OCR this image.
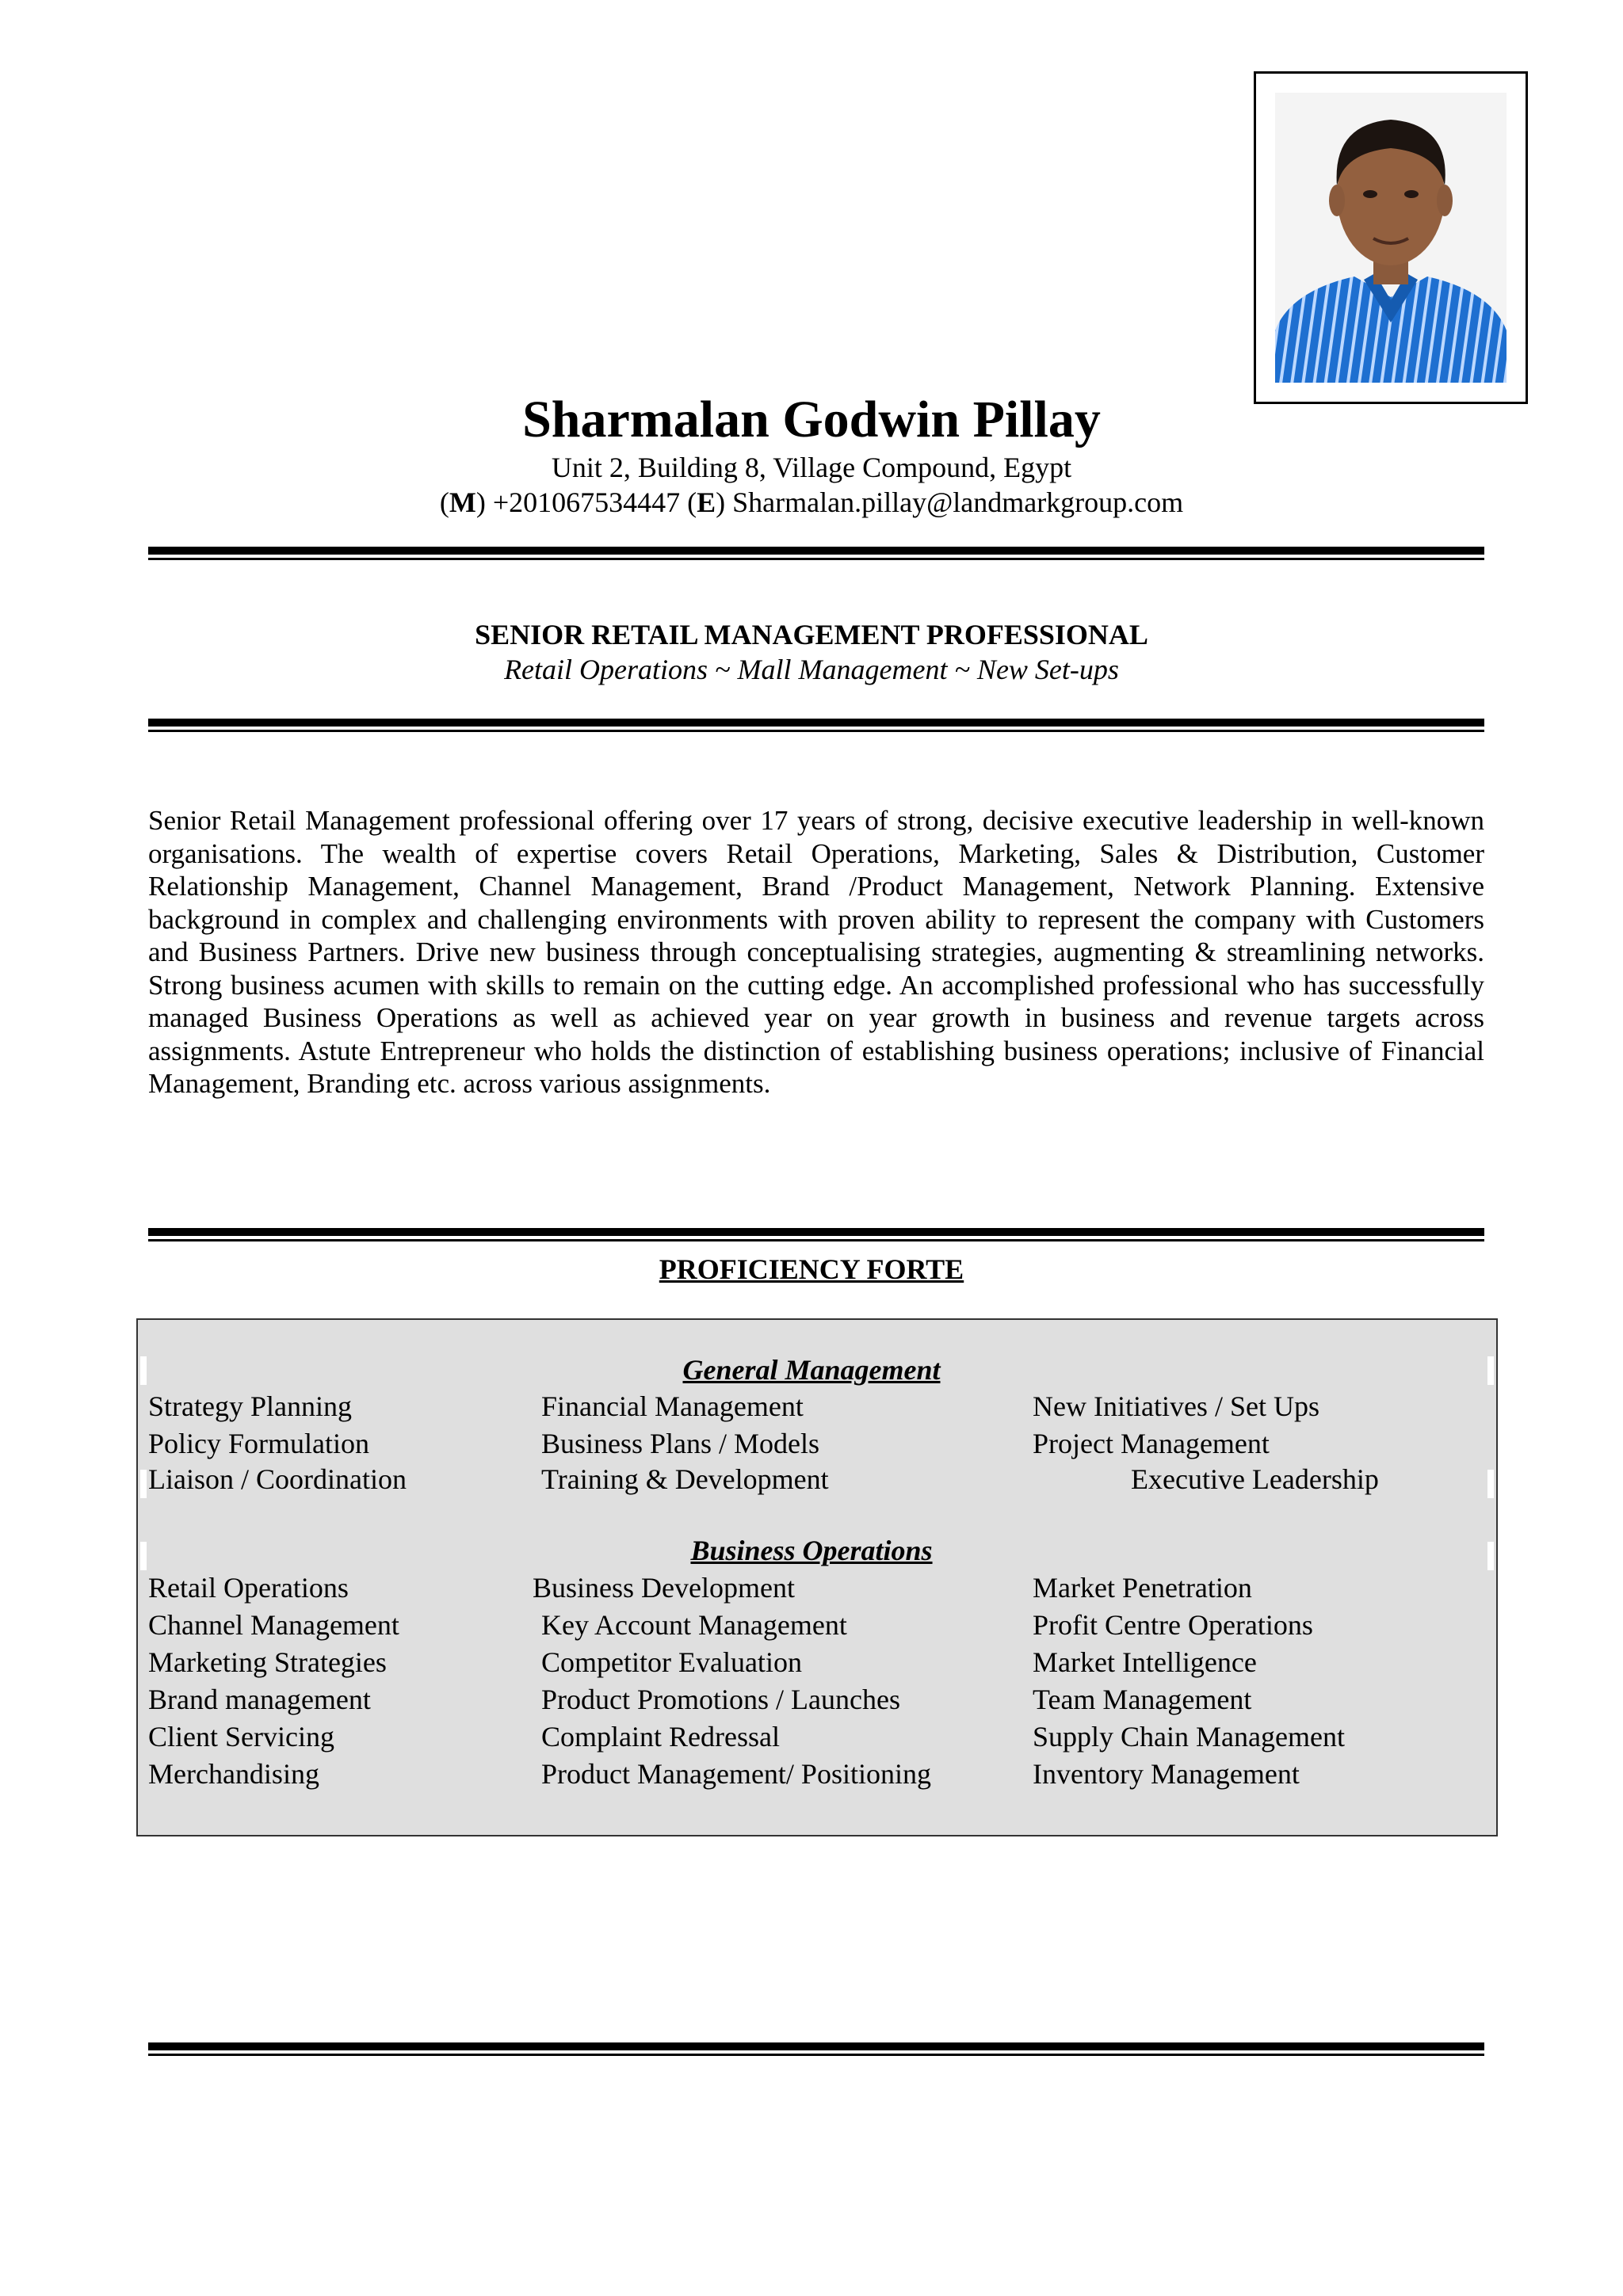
Sharmalan Godwin Pillay
Unit 2, Building 8, Village Compound, Egypt
(M) +201067534447 (E) Sharmalan.pillay@landmarkgroup.com
SENIOR RETAIL MANAGEMENT PROFESSIONAL
Retail Operations ~ Mall Management ~ New Set-ups
Senior Retail Management professional offering over 17 years of strong, decisive executive leadership in well-known organisations. The wealth of expertise covers Retail Operations, Marketing, Sales & Distribution, Customer Relationship Management, Channel Management, Brand /Product Management, Network Planning. Extensive background in complex and challenging environments with proven ability to represent the company with Customers and Business Partners. Drive new business through conceptualising strategies, augmenting & streamlining networks. Strong business acumen with skills to remain on the cutting edge. An accomplished professional who has successfully managed Business Operations as well as achieved year on year growth in business and revenue targets across assignments. Astute Entrepreneur who holds the distinction of establishing business operations; inclusive of Financial Management, Branding etc. across various assignments.
PROFICIENCY FORTE
General Management
Strategy Planning	Financial Management	New Initiatives / Set Ups
Policy Formulation	Business Plans / Models	Project Management
Liaison / Coordination	Training & Development	Executive Leadership
Business Operations
Retail Operations	Business Development	Market Penetration
Channel Management	Key Account Management	Profit Centre Operations
Marketing Strategies	Competitor Evaluation	Market Intelligence
Brand management	Product Promotions / Launches	Team Management
Client Servicing	Complaint Redressal	Supply Chain Management
Merchandising	Product Management/ Positioning	Inventory Management
